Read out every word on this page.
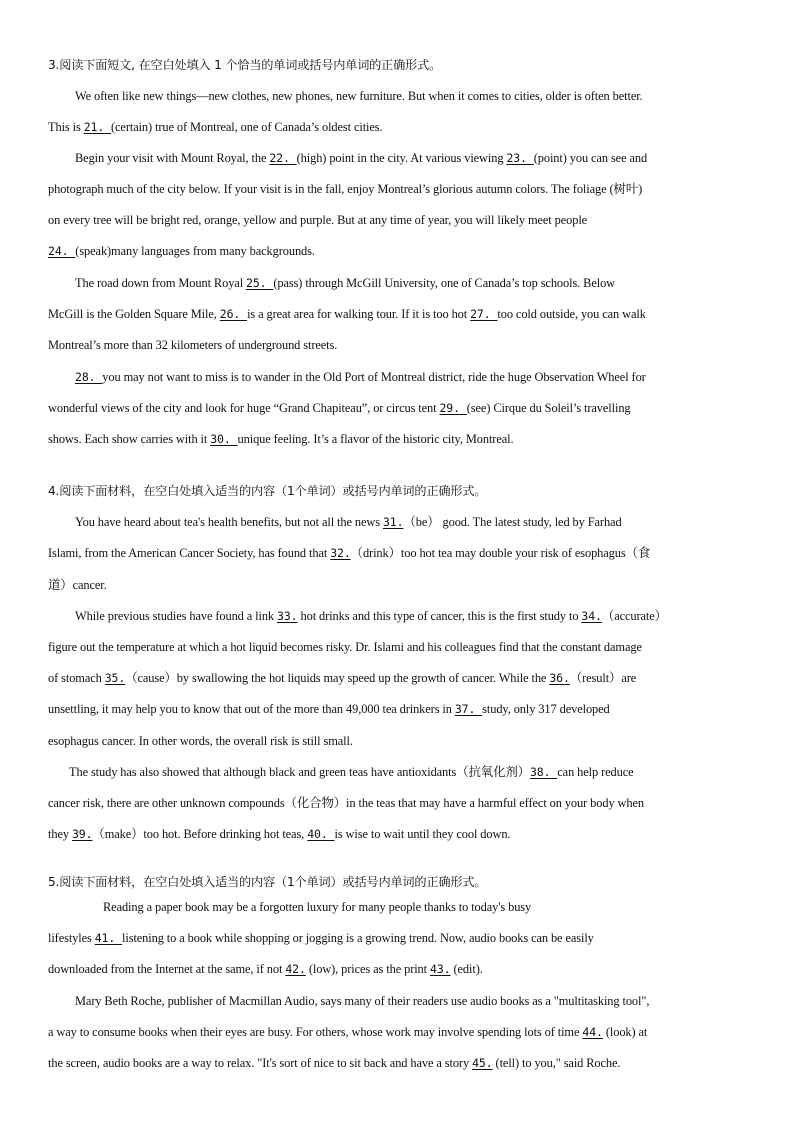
3.阅读下面短文, 在空白处填入 1 个恰当的单词或括号内单词的正确形式。
We often like new things—new clothes, new phones, new furniture. But when it comes to cities, older is often better.
This is 21. (certain) true of Montreal, one of Canada’s oldest cities.
Begin your visit with Mount Royal, the 22. (high) point in the city. At various viewing 23. (point) you can see and
photograph much of the city below. If your visit is in the fall, enjoy Montreal’s glorious autumn colors. The foliage (树叶)
on every tree will be bright red, orange, yellow and purple. But at any time of year, you will likely meet people
24. (speak)many languages from many backgrounds.
The road down from Mount Royal 25. (pass) through McGill University, one of Canada’s top schools. Below
McGill is the Golden Square Mile, 26. is a great area for walking tour. If it is too hot 27. too cold outside, you can walk
Montreal’s more than 32 kilometers of underground streets.
28. you may not want to miss is to wander in the Old Port of Montreal district, ride the huge Observation Wheel for
wonderful views of the city and look for huge “Grand Chapiteau”, or circus tent 29. (see) Cirque du Soleil’s travelling
shows. Each show carries with it 30. unique feeling. It’s a flavor of the historic city, Montreal.
4.阅读下面材料，在空白处填入适当的内容（1个单词）或括号内单词的正确形式。
You have heard about tea's health benefits, but not all the news 31.（be） good. The latest study, led by Farhad
Islami, from the American Cancer Society, has found that 32.（drink）too hot tea may double your risk of esophagus（食
道）cancer.
While previous studies have found a link 33. hot drinks and this type of cancer, this is the first study to 34.（accurate）
figure out the temperature at which a hot liquid becomes risky. Dr. Islami and his colleagues find that the constant damage
of stomach 35.（cause）by swallowing the hot liquids may speed up the growth of cancer. While the 36.（result）are
unsettling, it may help you to know that out of the more than 49,000 tea drinkers in 37. study, only 317 developed
esophagus cancer. In other words, the overall risk is still small.
The study has also showed that although black and green teas have antioxidants（抗氧化剂）38. can help reduce
cancer risk, there are other unknown compounds（化合物）in the teas that may have a harmful effect on your body when
they 39.（make）too hot. Before drinking hot teas, 40. is wise to wait until they cool down.
5.阅读下面材料，在空白处填入适当的内容（1个单词）或括号内单词的正确形式。
Reading a paper book may be a forgotten luxury for many people thanks to today's busy
lifestyles 41. listening to a book while shopping or jogging is a growing trend. Now, audio books can be easily
downloaded from the Internet at the same, if not 42. (low), prices as the print 43. (edit).
Mary Beth Roche, publisher of Macmillan Audio, says many of their readers use audio books as a "multitasking tool",
a way to consume books when their eyes are busy. For others, whose work may involve spending lots of time 44. (look) at
the screen, audio books are a way to relax. "It's sort of nice to sit back and have a story 45. (tell) to you," said Roche.
